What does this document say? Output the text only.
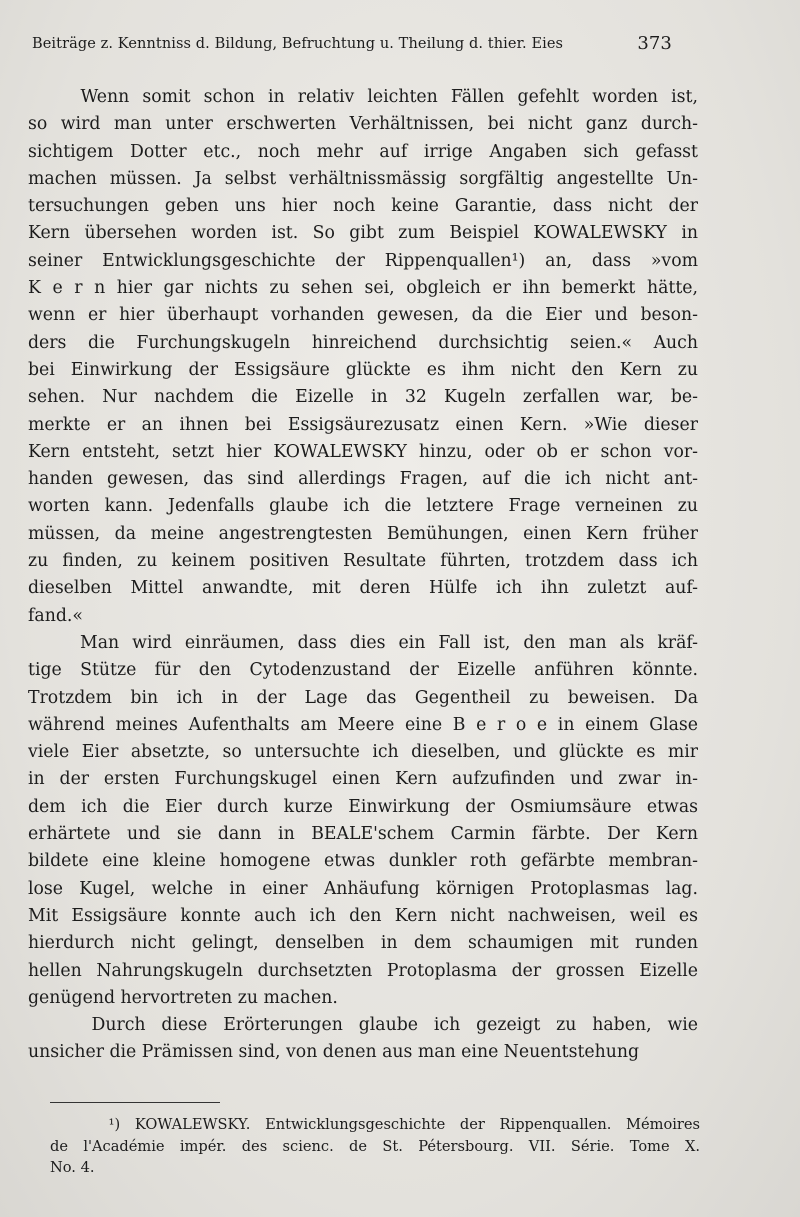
Beiträge z. Kenntniss d. Bildung, Befruchtung u. Theilung d. thier. Eies	373
Wenn somit schon in relativ leichten Fällen gefehlt worden ist,
so wird man unter erschwerten Verhältnissen, bei nicht ganz durch-
sichtigem Dotter etc., noch mehr auf irrige Angaben sich gefasst
machen müssen. Ja selbst verhältnissmässig sorgfältig angestellte Un-
tersuchungen geben uns hier noch keine Garantie, dass nicht der
Kern übersehen worden ist. So gibt zum Beispiel KOWALEWSKY in
seiner Entwicklungsgeschichte der Rippenquallen¹) an, dass »vom
K e r n hier gar nichts zu sehen sei, obgleich er ihn bemerkt hätte,
wenn er hier überhaupt vorhanden gewesen, da die Eier und beson-
ders die Furchungskugeln hinreichend durchsichtig seien.« Auch
bei Einwirkung der Essigsäure glückte es ihm nicht den Kern zu
sehen. Nur nachdem die Eizelle in 32 Kugeln zerfallen war, be-
merkte er an ihnen bei Essigsäurezusatz einen Kern. »Wie dieser
Kern entsteht, setzt hier KOWALEWSKY hinzu, oder ob er schon vor-
handen gewesen, das sind allerdings Fragen, auf die ich nicht ant-
worten kann. Jedenfalls glaube ich die letztere Frage verneinen zu
müssen, da meine angestrengtesten Bemühungen, einen Kern früher
zu finden, zu keinem positiven Resultate führten, trotzdem dass ich
dieselben Mittel anwandte, mit deren Hülfe ich ihn zuletzt auf-
fand.«
Man wird einräumen, dass dies ein Fall ist, den man als kräf-
tige Stütze für den Cytodenzustand der Eizelle anführen könnte.
Trotzdem bin ich in der Lage das Gegentheil zu beweisen. Da
während meines Aufenthalts am Meere eine B e r o e in einem Glase
viele Eier absetzte, so untersuchte ich dieselben, und glückte es mir
in der ersten Furchungskugel einen Kern aufzufinden und zwar in-
dem ich die Eier durch kurze Einwirkung der Osmiumsäure etwas
erhärtete und sie dann in BEALE'schem Carmin färbte. Der Kern
bildete eine kleine homogene etwas dunkler roth gefärbte membran-
lose Kugel, welche in einer Anhäufung körnigen Protoplasmas lag.
Mit Essigsäure konnte auch ich den Kern nicht nachweisen, weil es
hierdurch nicht gelingt, denselben in dem schaumigen mit runden
hellen Nahrungskugeln durchsetzten Protoplasma der grossen Eizelle
genügend hervortreten zu machen.
Durch diese Erörterungen glaube ich gezeigt zu haben, wie
unsicher die Prämissen sind, von denen aus man eine Neuentstehung
¹) KOWALEWSKY. Entwicklungsgeschichte der Rippenquallen. Mémoires
de l'Académie impér. des scienc. de St. Pétersbourg. VII. Série. Tome X.
No. 4.
